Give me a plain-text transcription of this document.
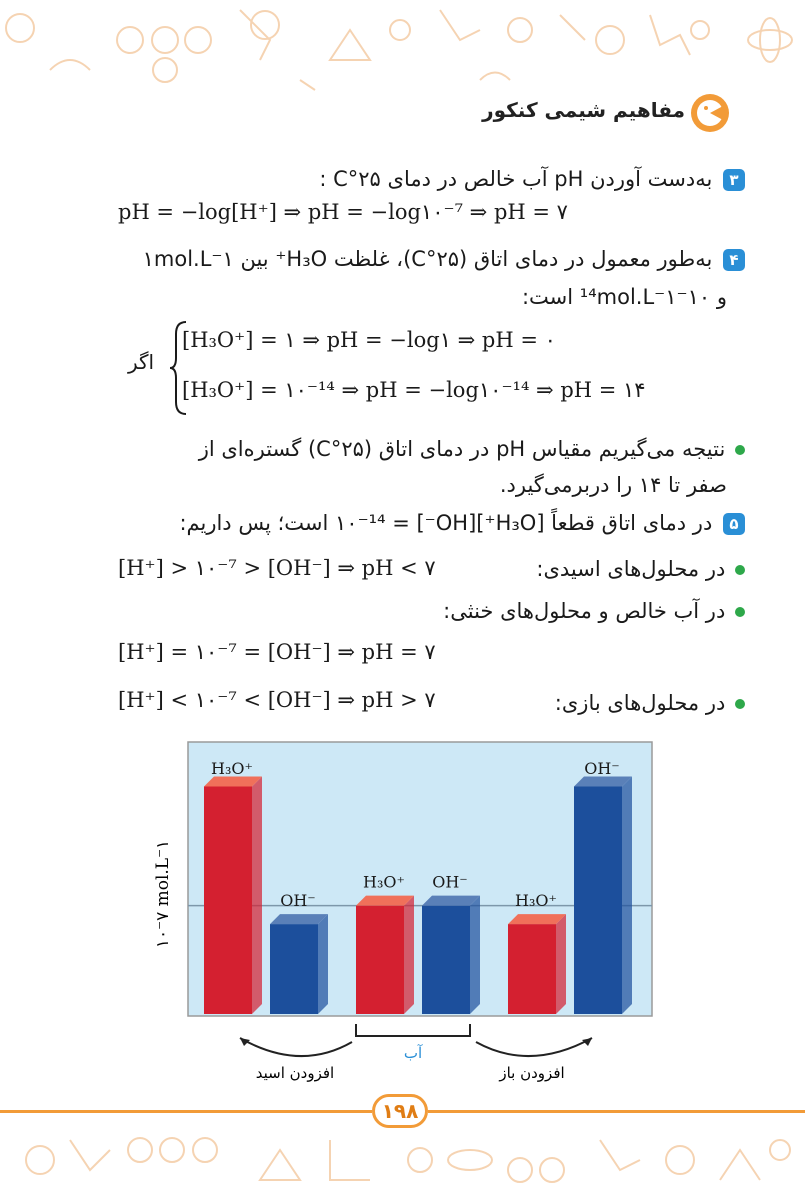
مفاهیم شیمی کنکور
۳ به‌دست آوردن pH آب خالص در دمای ۲۵°C :
pH = −log[H⁺] ⇒ pH = −log۱۰⁻⁷ ⇒ pH = ۷
۴ به‌طور معمول در دمای اتاق (۲۵°C)، غلظت H₃O⁺ بین ۱mol.L⁻۱
و ۱۰⁻¹⁴mol.L⁻۱ است:
[H₃O⁺] = ۱ ⇒ pH = −log۱ ⇒ pH = ۰
[H₃O⁺] = ۱۰⁻¹⁴ ⇒ pH = −log۱۰⁻¹⁴ ⇒ pH = ۱۴
اگر
نتیجه می‌گیریم مقیاس pH در دمای اتاق (۲۵°C) گستره‌ای از
صفر تا ۱۴ را دربرمی‌گیرد.
۵ در دمای اتاق قطعاً [H₃O⁺][OH⁻] = ۱۰⁻¹⁴ است؛ پس داریم:
در محلول‌های اسیدی:
[H⁺] > ۱۰⁻⁷ > [OH⁻] ⇒ pH < ۷
در آب خالص و محلول‌های خنثی:
[H⁺] = ۱۰⁻⁷ = [OH⁻] ⇒ pH = ۷
در محلول‌های بازی:
[H⁺] < ۱۰⁻⁷ < [OH⁻] ⇒ pH > ۷
۱۰⁻۷ mol.L⁻۱
H₃O⁺
OH⁻
H₃O⁺ OH⁻
H₃O⁺
OH⁻
آب
افزودن اسید	افزودن باز
۱۹۸
